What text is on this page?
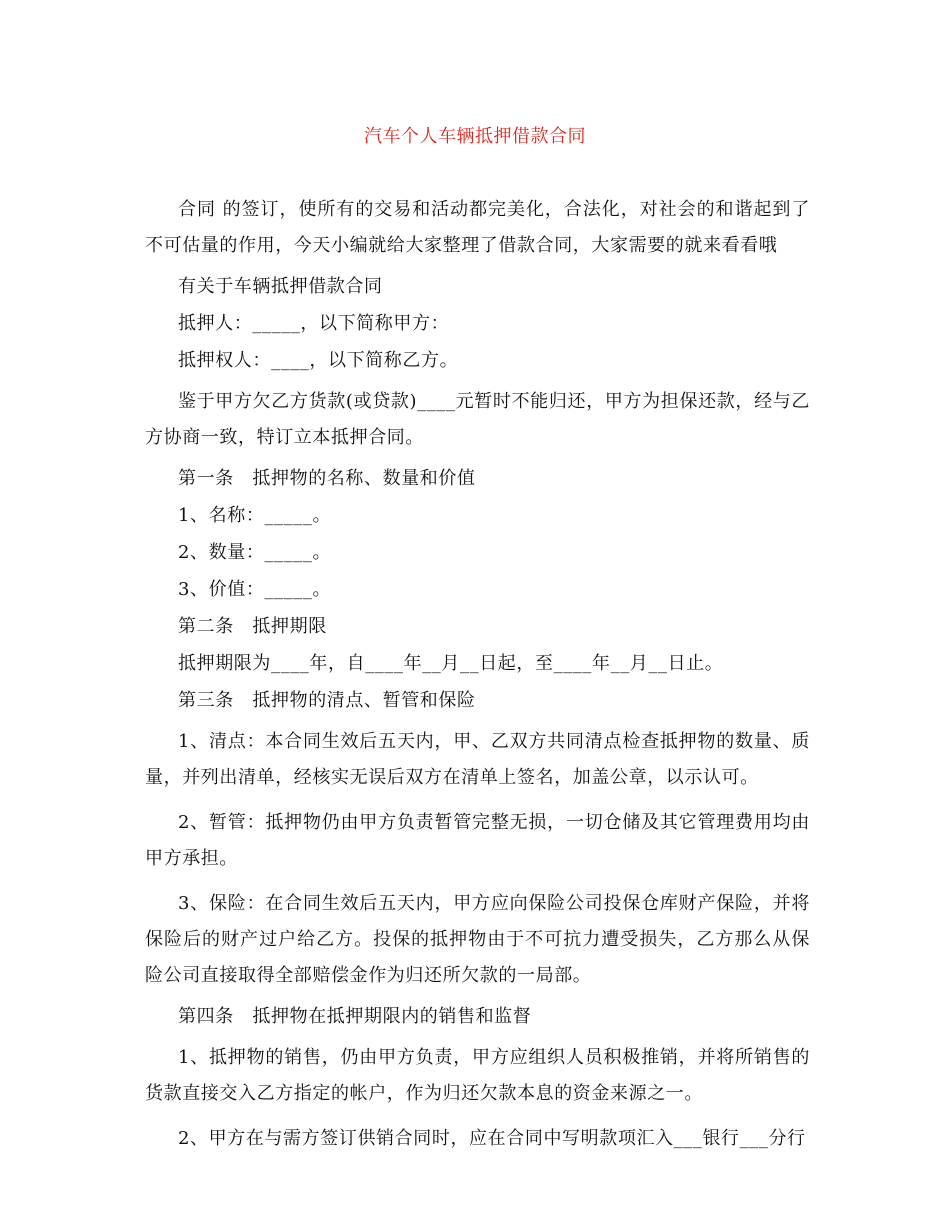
汽车个人车辆抵押借款合同

合同 的签订，使所有的交易和活动都完美化，合法化，对社会的和谐起到了不可估量的作用，今天小编就给大家整理了借款合同，大家需要的就来看看哦

有关于车辆抵押借款合同

抵押人：_____，以下简称甲方：

抵押权人：____，以下简称乙方。

鉴于甲方欠乙方货款(或贷款)____元暂时不能归还，甲方为担保还款，经与乙方协商一致，特订立本抵押合同。

第一条　抵押物的名称、数量和价值

1、名称：_____。

2、数量：_____。

3、价值：_____。

第二条　抵押期限

抵押期限为____年，自____年__月__日起，至____年__月__日止。

第三条　抵押物的清点、暂管和保险

1、清点：本合同生效后五天内，甲、乙双方共同清点检查抵押物的数量、质量，并列出清单，经核实无误后双方在清单上签名，加盖公章，以示认可。

2、暂管：抵押物仍由甲方负责暂管完整无损，一切仓储及其它管理费用均由甲方承担。

3、保险：在合同生效后五天内，甲方应向保险公司投保仓库财产保险，并将保险后的财产过户给乙方。投保的抵押物由于不可抗力遭受损失，乙方那么从保险公司直接取得全部赔偿金作为归还所欠款的一局部。

第四条　抵押物在抵押期限内的销售和监督

1、抵押物的销售，仍由甲方负责，甲方应组织人员积极推销，并将所销售的货款直接交入乙方指定的帐户，作为归还欠款本息的资金来源之一。

2、甲方在与需方签订供销合同时，应在合同中写明款项汇入___银行___分行
